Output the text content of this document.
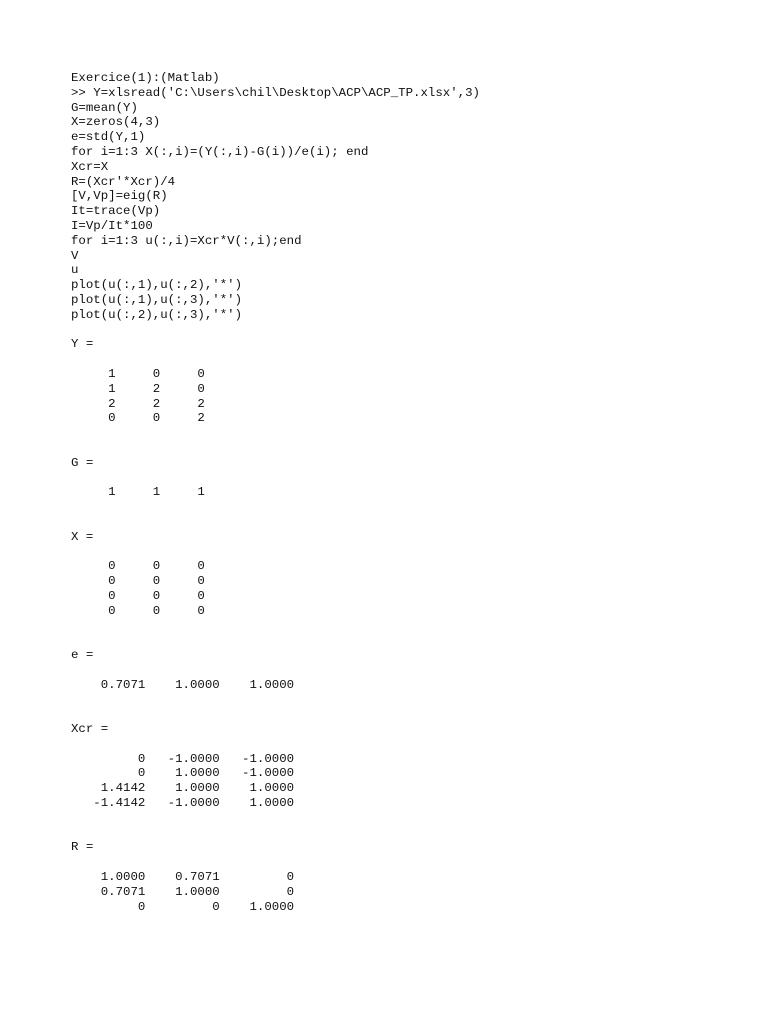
Exercice(1):(Matlab)
>> Y=xlsread('C:\Users\chil\Desktop\ACP\ACP_TP.xlsx',3)
G=mean(Y)
X=zeros(4,3)
e=std(Y,1)
for i=1:3 X(:,i)=(Y(:,i)-G(i))/e(i); end
Xcr=X
R=(Xcr'*Xcr)/4
[V,Vp]=eig(R)
It=trace(Vp)
I=Vp/It*100
for i=1:3 u(:,i)=Xcr*V(:,i);end
V
u
plot(u(:,1),u(:,2),'*')
plot(u(:,1),u(:,3),'*')
plot(u(:,2),u(:,3),'*')
Y =
1     0     0
1     2     0
2     2     2
0     0     2
G =
1     1     1
X =
0     0     0
0     0     0
0     0     0
0     0     0
e =
0.7071    1.0000    1.0000
Xcr =
0   -1.0000   -1.0000
0    1.0000   -1.0000
1.4142    1.0000    1.0000
-1.4142   -1.0000    1.0000
R =
1.0000    0.7071         0
0.7071    1.0000         0
0         0    1.0000
